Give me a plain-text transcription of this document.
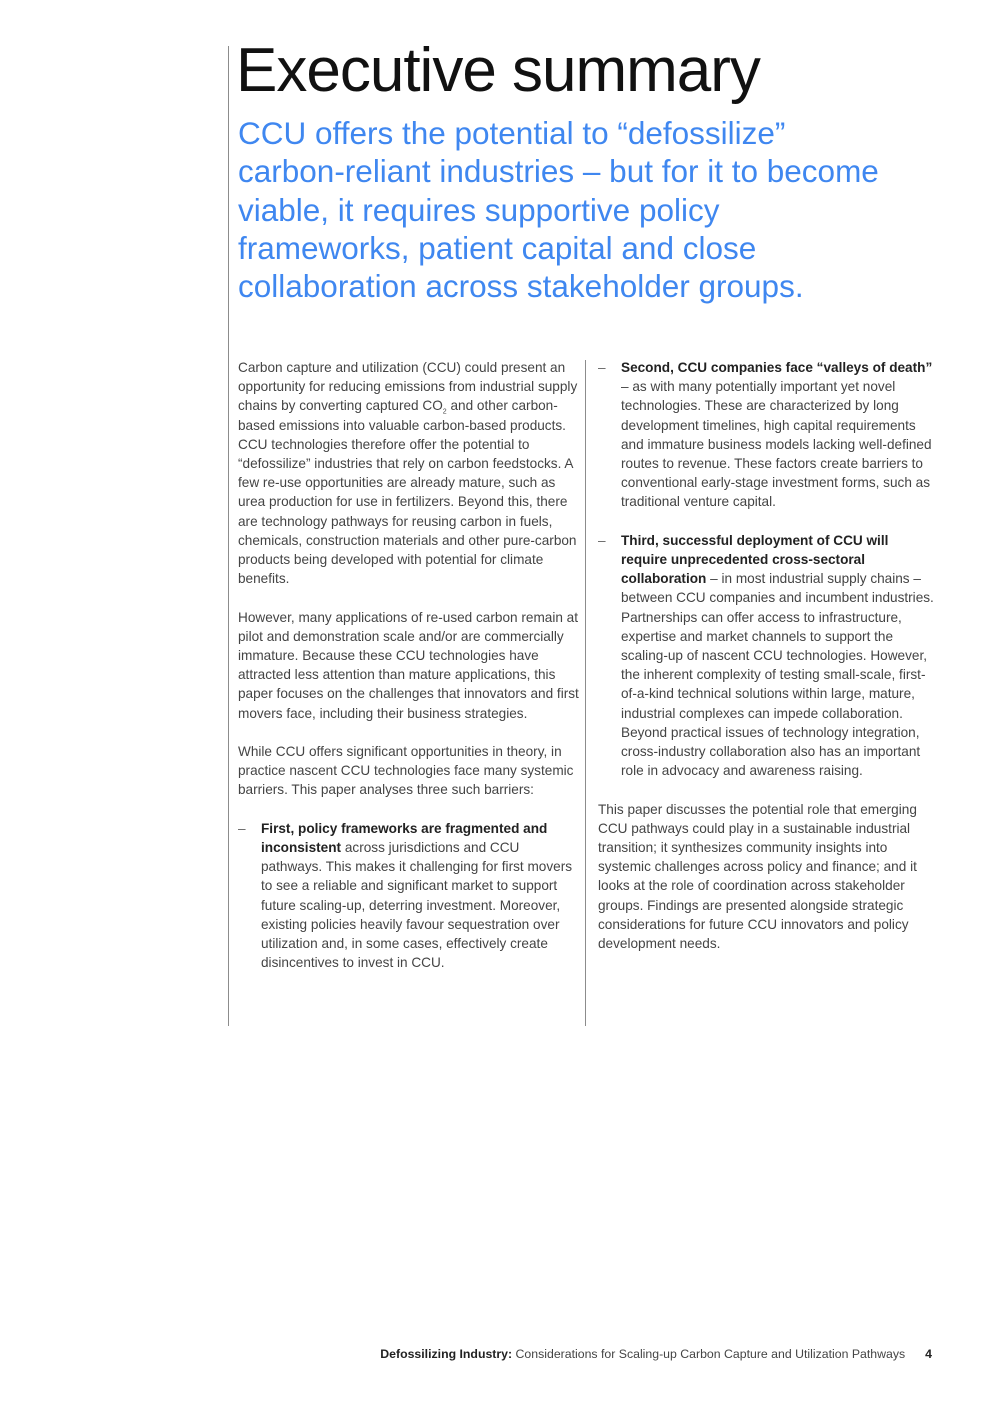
Executive summary
CCU offers the potential to “defossilize” carbon-reliant industries – but for it to become viable, it requires supportive policy frameworks, patient capital and close collaboration across stakeholder groups.

Carbon capture and utilization (CCU) could present an opportunity for reducing emissions from industrial supply chains by converting captured $CO_2$ and other carbon-based emissions into valuable carbon-based products. CCU technologies therefore offer the potential to “defossilize” industries that rely on carbon feedstocks. A few re-use opportunities are already mature, such as urea production for use in fertilizers. Beyond this, there are technology pathways for reusing carbon in fuels, chemicals, construction materials and other pure-carbon products being developed with potential for climate benefits.

However, many applications of re-used carbon remain at pilot and demonstration scale and/or are commercially immature. Because these CCU technologies have attracted less attention than mature applications, this paper focuses on the challenges that innovators and first movers face, including their business strategies.

While CCU offers significant opportunities in theory, in practice nascent CCU technologies face many systemic barriers. This paper analyses three such barriers:

– First, policy frameworks are fragmented and inconsistent across jurisdictions and CCU pathways. This makes it challenging for first movers to see a reliable and significant market to support future scaling-up, deterring investment. Moreover, existing policies heavily favour sequestration over utilization and, in some cases, effectively create disincentives to invest in CCU.
– Second, CCU companies face “valleys of death” – as with many potentially important yet novel technologies. These are characterized by long development timelines, high capital requirements and immature business models lacking well-defined routes to revenue. These factors create barriers to conventional early-stage investment forms, such as traditional venture capital.
– Third, successful deployment of CCU will require unprecedented cross-sectoral collaboration – in most industrial supply chains – between CCU companies and incumbent industries. Partnerships can offer access to infrastructure, expertise and market channels to support the scaling-up of nascent CCU technologies. However, the inherent complexity of testing small-scale, first-of-a-kind technical solutions within large, mature, industrial complexes can impede collaboration. Beyond practical issues of technology integration, cross-industry collaboration also has an important role in advocacy and awareness raising.

This paper discusses the potential role that emerging CCU pathways could play in a sustainable industrial transition; it synthesizes community insights into systemic challenges across policy and finance; and it looks at the role of coordination across stakeholder groups. Findings are presented alongside strategic considerations for future CCU innovators and policy development needs.

Defossilizing Industry: Considerations for Scaling-up Carbon Capture and Utilization Pathways 4
